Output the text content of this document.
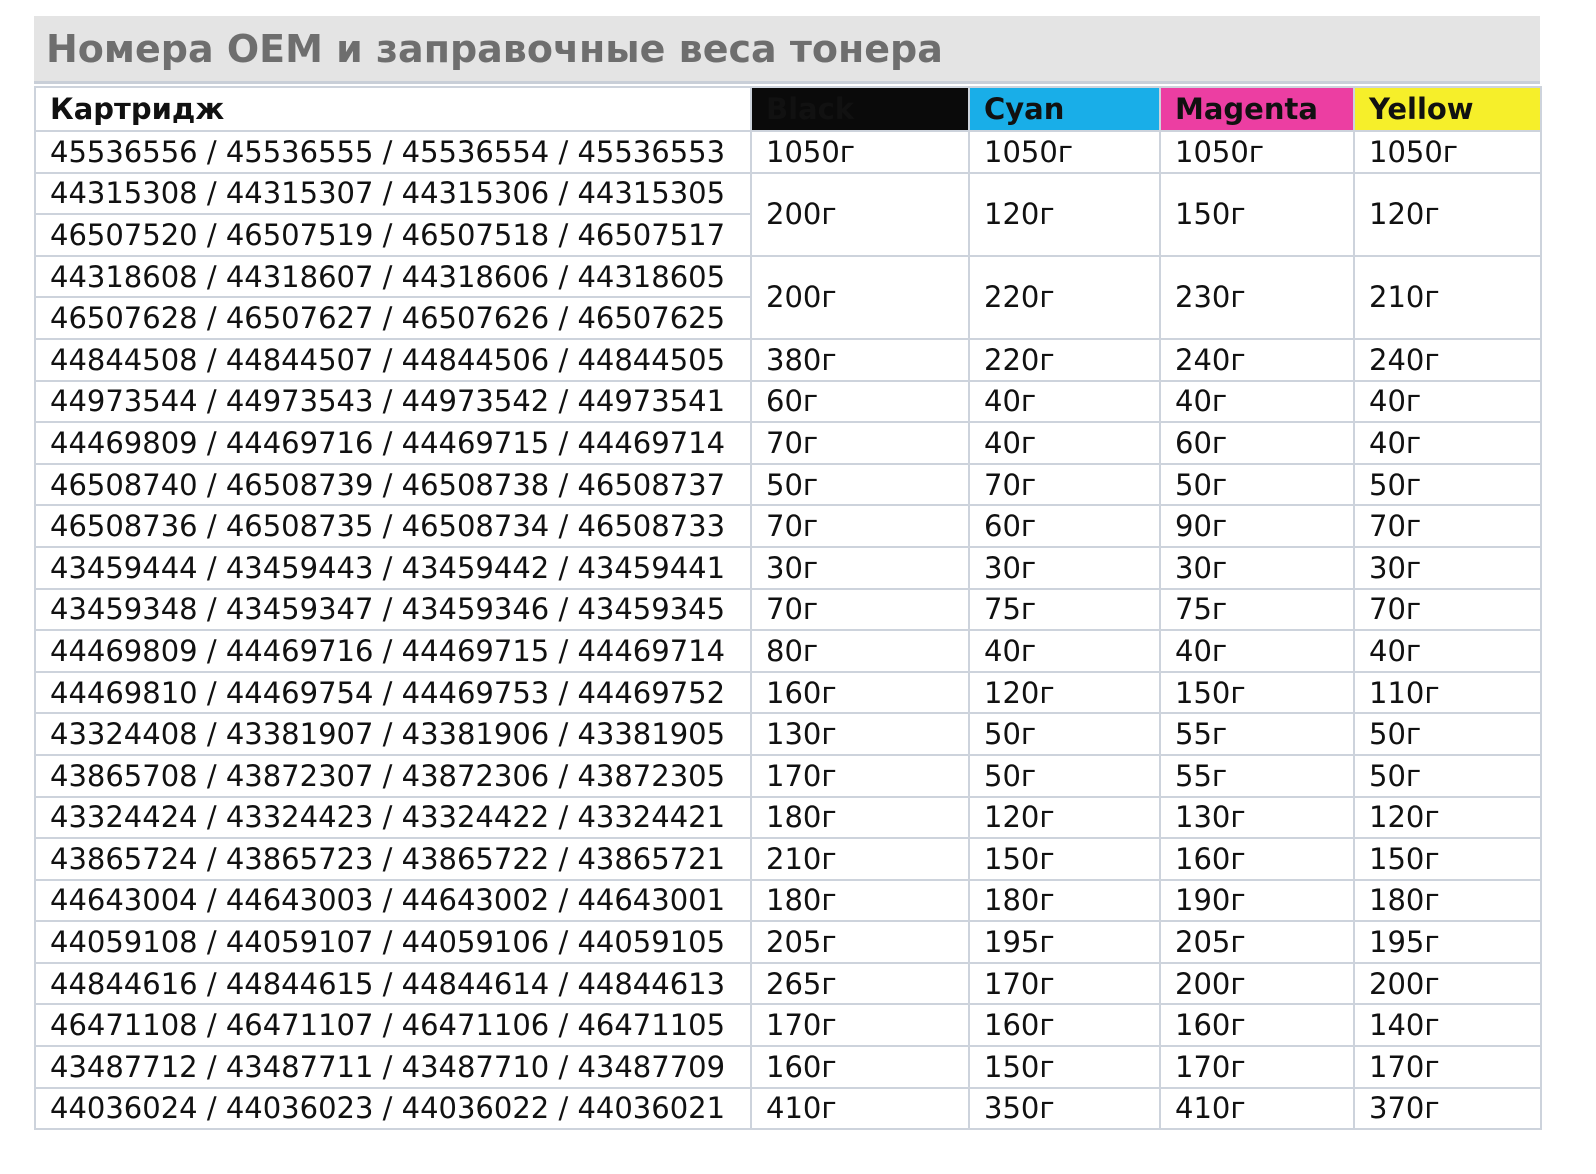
Номера OEM и заправочные веса тонера
Картридж	Black	Cyan	Magenta	Yellow
45536556 / 45536555 / 45536554 / 45536553	1050г	1050г	1050г	1050г
44315308 / 44315307 / 44315306 / 44315305	200г	120г	150г	120г
46507520 / 46507519 / 46507518 / 46507517				
44318608 / 44318607 / 44318606 / 44318605	200г	220г	230г	210г
46507628 / 46507627 / 46507626 / 46507625				
44844508 / 44844507 / 44844506 / 44844505	380г	220г	240г	240г
44973544 / 44973543 / 44973542 / 44973541	60г	40г	40г	40г
44469809 / 44469716 / 44469715 / 44469714	70г	40г	60г	40г
46508740 / 46508739 / 46508738 / 46508737	50г	70г	50г	50г
46508736 / 46508735 / 46508734 / 46508733	70г	60г	90г	70г
43459444 / 43459443 / 43459442 / 43459441	30г	30г	30г	30г
43459348 / 43459347 / 43459346 / 43459345	70г	75г	75г	70г
44469809 / 44469716 / 44469715 / 44469714	80г	40г	40г	40г
44469810 / 44469754 / 44469753 / 44469752	160г	120г	150г	110г
43324408 / 43381907 / 43381906 / 43381905	130г	50г	55г	50г
43865708 / 43872307 / 43872306 / 43872305	170г	50г	55г	50г
43324424 / 43324423 / 43324422 / 43324421	180г	120г	130г	120г
43865724 / 43865723 / 43865722 / 43865721	210г	150г	160г	150г
44643004 / 44643003 / 44643002 / 44643001	180г	180г	190г	180г
44059108 / 44059107 / 44059106 / 44059105	205г	195г	205г	195г
44844616 / 44844615 / 44844614 / 44844613	265г	170г	200г	200г
46471108 / 46471107 / 46471106 / 46471105	170г	160г	160г	140г
43487712 / 43487711 / 43487710 / 43487709	160г	150г	170г	170г
44036024 / 44036023 / 44036022 / 44036021	410г	350г	410г	370г
